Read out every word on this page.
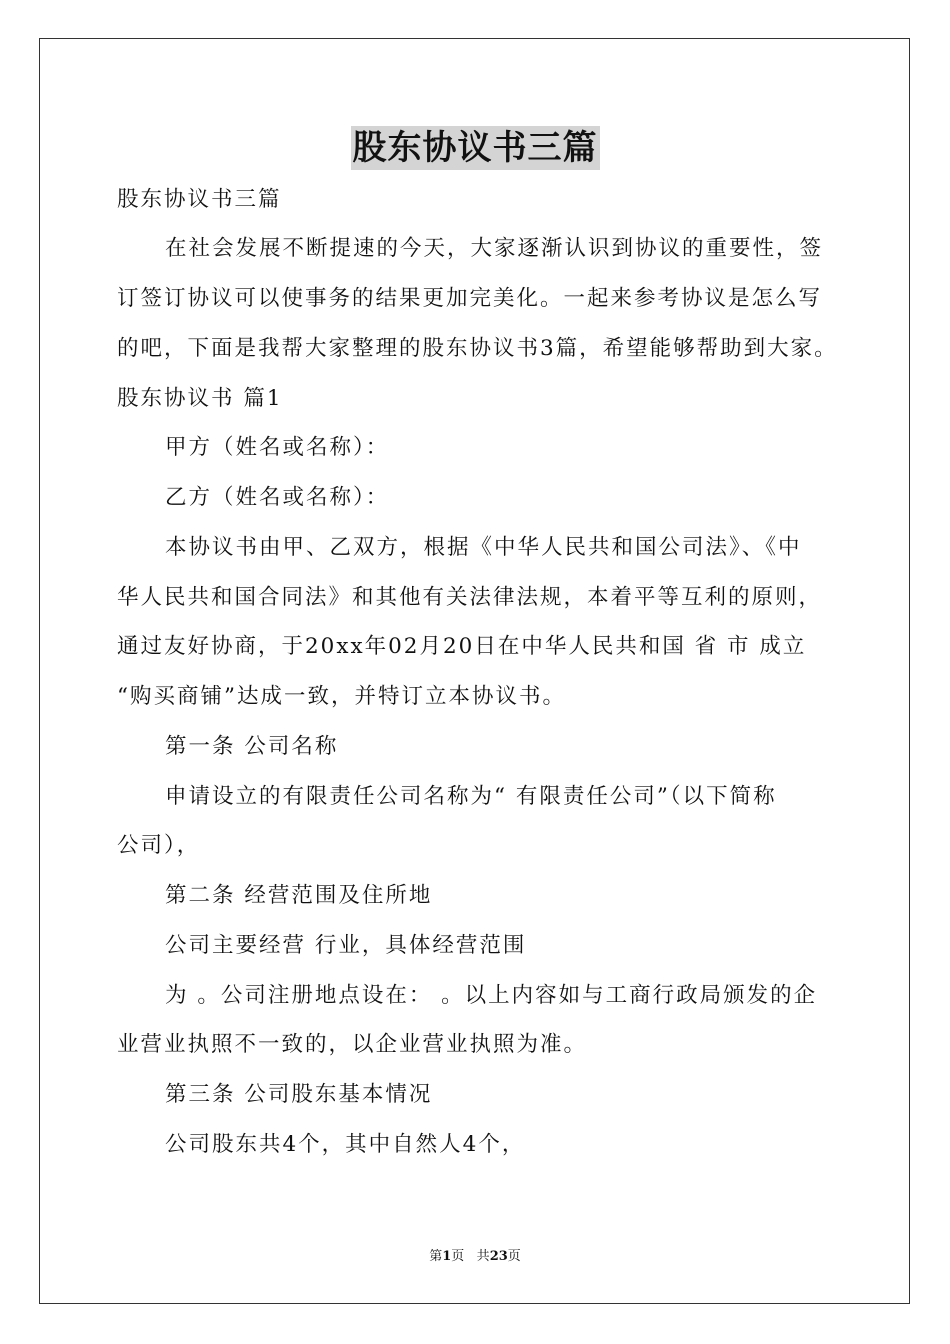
股东协议书三篇
股东协议书三篇
在社会发展不断提速的今天，大家逐渐认识到协议的重要性，签
订签订协议可以使事务的结果更加完美化。一起来参考协议是怎么写
的吧，下面是我帮大家整理的股东协议书3篇，希望能够帮助到大家。
股东协议书 篇1
甲方（姓名或名称）：
乙方（姓名或名称）：
本协议书由甲、乙双方，根据《中华人民共和国公司法》、《中
华人民共和国合同法》和其他有关法律法规，本着平等互利的原则，
通过友好协商，于20xx年02月20日在中华人民共和国 省 市 成立
“购买商铺”达成一致，并特订立本协议书。
第一条 公司名称
申请设立的有限责任公司名称为“ 有限责任公司”（以下简称
公司），
第二条 经营范围及住所地
公司主要经营 行业，具体经营范围
为 。公司注册地点设在： 。以上内容如与工商行政局颁发的企
业营业执照不一致的，以企业营业执照为准。
第三条 公司股东基本情况
公司股东共4个，其中自然人4个，
第1页 共23页
